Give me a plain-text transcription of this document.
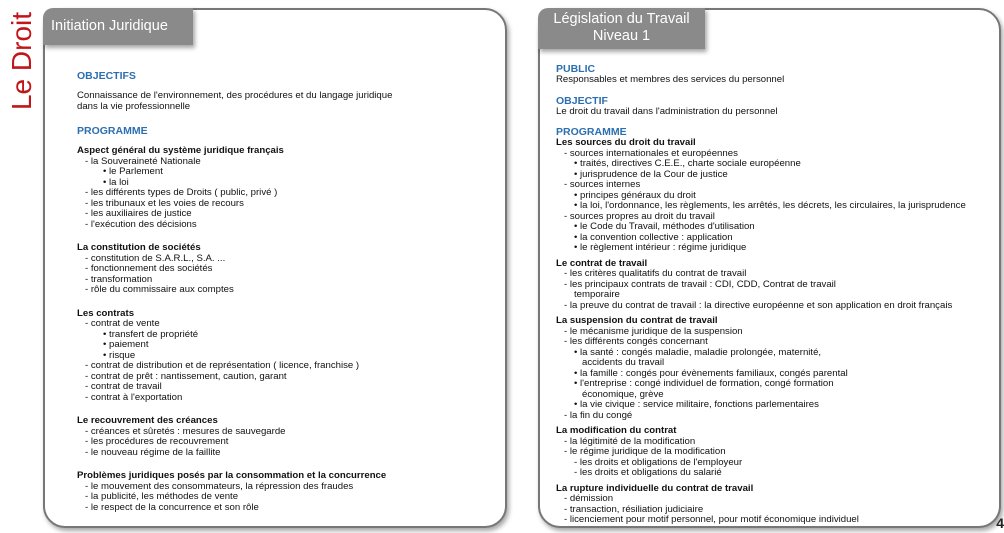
Le Droit Initiation Juridique
OBJECTIFS
Connaissance de l'environnement, des procédures et du langage juridique
dans la vie professionnelle
PROGRAMME
Aspect général du système juridique français
- la Souveraineté Nationale
• le Parlement
• la loi
- les différents types de Droits ( public, privé )
- les tribunaux et les voies de recours
- les auxiliaires de justice
- l'exécution des décisions
La constitution de sociétés
- constitution de S.A.R.L., S.A. ...
- fonctionnement des sociétés
- transformation
- rôle du commissaire aux comptes
Les contrats
- contrat de vente
• transfert de propriété
• paiement
• risque
- contrat de distribution et de représentation ( licence, franchise )
- contrat de prêt : nantissement, caution, garant
- contrat de travail
- contrat à l'exportation
Le recouvrement des créances
- créances et sûretés : mesures de sauvegarde
- les procédures de recouvrement
- le nouveau régime de la faillite
Problèmes juridiques posés par la consommation et la concurrence
- le mouvement des consommateurs, la répression des fraudes
- la publicité, les méthodes de vente
- le respect de la concurrence et son rôle
Législation du Travail
Niveau 1
PUBLIC
Responsables et membres des services du personnel
OBJECTIF
Le droit du travail dans l'administration du personnel
PROGRAMME
Les sources du droit du travail
- sources internationales et européennes
• traités, directives C.E.E., charte sociale européenne
• jurisprudence de la Cour de justice
- sources internes
• principes généraux du droit
• la loi, l'ordonnance, les règlements, les arrêtés, les décrets, les circulaires, la jurisprudence
- sources propres au droit du travail
• le Code du Travail, méthodes d'utilisation
• la convention collective : application
• le règlement intérieur : régime juridique
Le contrat de travail
- les critères qualitatifs du contrat de travail
- les principaux contrats de travail : CDI, CDD, Contrat de travail
temporaire
- la preuve du contrat de travail : la directive européenne et son application en droit français
La suspension du contrat de travail
- le mécanisme juridique de la suspension
- les différents congés concernant
• la santé : congés maladie, maladie prolongée, maternité,
accidents du travail
• la famille : congés pour évènements familiaux, congés parental
• l'entreprise : congé individuel de formation, congé formation
économique, grève
• la vie civique : service militaire, fonctions parlementaires
- la fin du congé
La modification du contrat
- la légitimité de la modification
- le régime juridique de la modification
- les droits et obligations de l'employeur
- les droits et obligations du salarié
La rupture individuelle du contrat de travail
- démission
- transaction, résiliation judiciaire
- licenciement pour motif personnel, pour motif économique individuel	4
